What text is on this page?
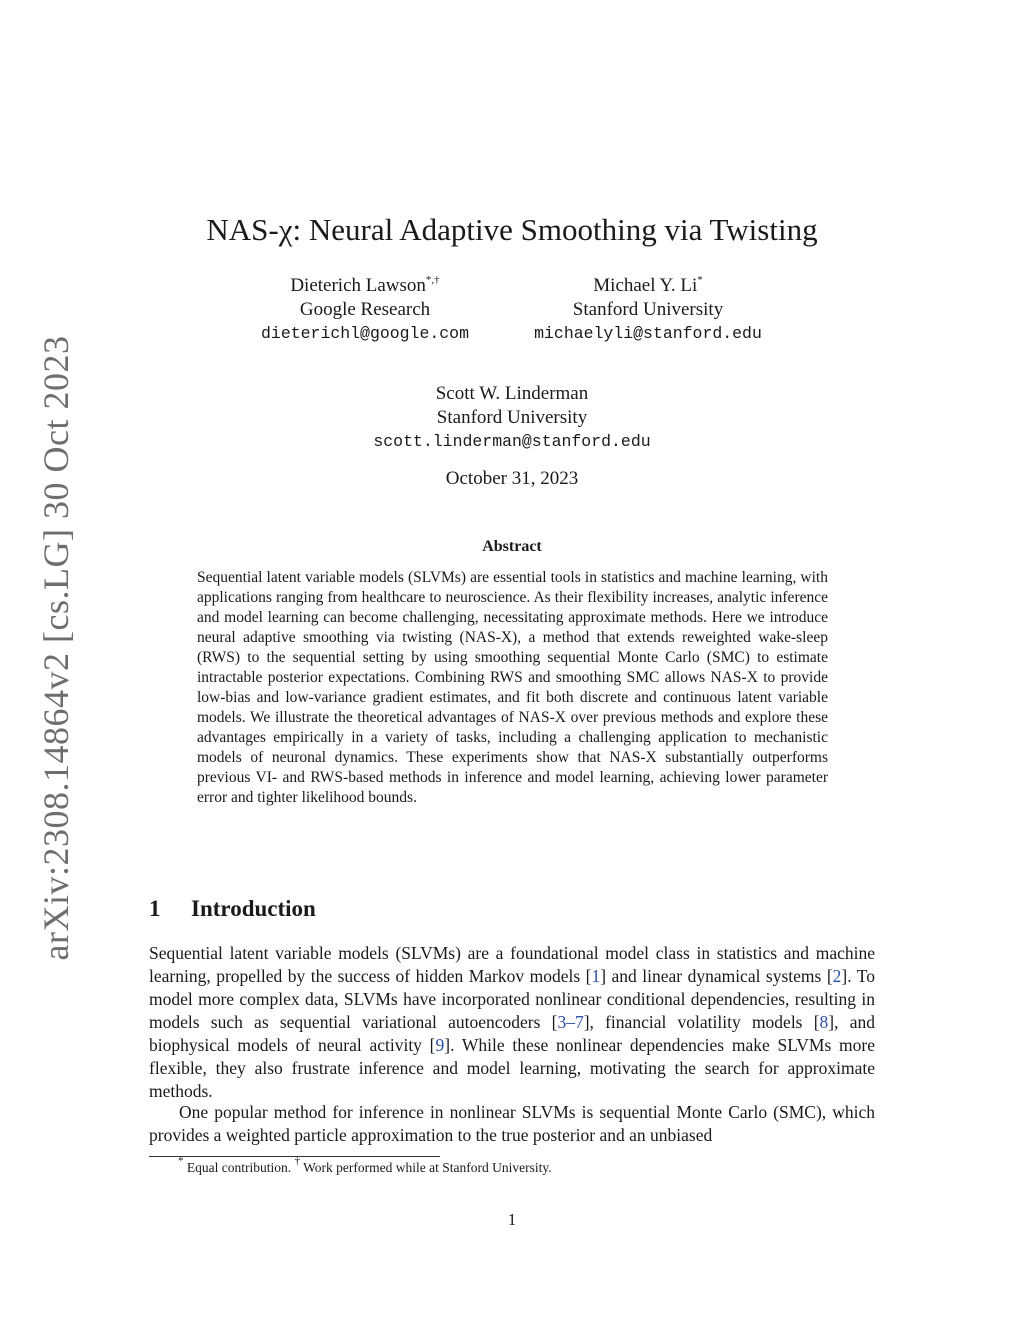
arXiv:2308.14864v2 [cs.LG] 30 Oct 2023
NAS-χ: Neural Adaptive Smoothing via Twisting
Dieterich Lawson*,†
Google Research
dieterichl@google.com
Michael Y. Li*
Stanford University
michaelyli@stanford.edu
Scott W. Linderman
Stanford University
scott.linderman@stanford.edu
October 31, 2023
Abstract
Sequential latent variable models (SLVMs) are essential tools in statistics and machine learning, with applications ranging from healthcare to neuroscience. As their flexibility increases, analytic inference and model learning can become challenging, necessitating approximate methods. Here we introduce neural adaptive smoothing via twisting (NAS-X), a method that extends reweighted wake-sleep (RWS) to the sequential setting by using smoothing sequential Monte Carlo (SMC) to estimate intractable posterior expectations. Combining RWS and smoothing SMC allows NAS-X to provide low-bias and low-variance gradient estimates, and fit both discrete and continuous latent variable models. We illustrate the theoretical advantages of NAS-X over previous methods and explore these advantages empirically in a variety of tasks, including a challenging application to mechanistic models of neuronal dynamics. These experiments show that NAS-X substantially outperforms previous VI- and RWS-based methods in inference and model learning, achieving lower parameter error and tighter likelihood bounds.
1 Introduction
Sequential latent variable models (SLVMs) are a foundational model class in statistics and machine learning, propelled by the success of hidden Markov models [1] and linear dynamical systems [2]. To model more complex data, SLVMs have incorporated nonlinear conditional dependencies, resulting in models such as sequential variational autoencoders [3–7], financial volatility models [8], and biophysical models of neural activity [9]. While these nonlinear dependencies make SLVMs more flexible, they also frustrate inference and model learning, motivating the search for approximate methods.
One popular method for inference in nonlinear SLVMs is sequential Monte Carlo (SMC), which provides a weighted particle approximation to the true posterior and an unbiased
* Equal contribution. † Work performed while at Stanford University.
1
